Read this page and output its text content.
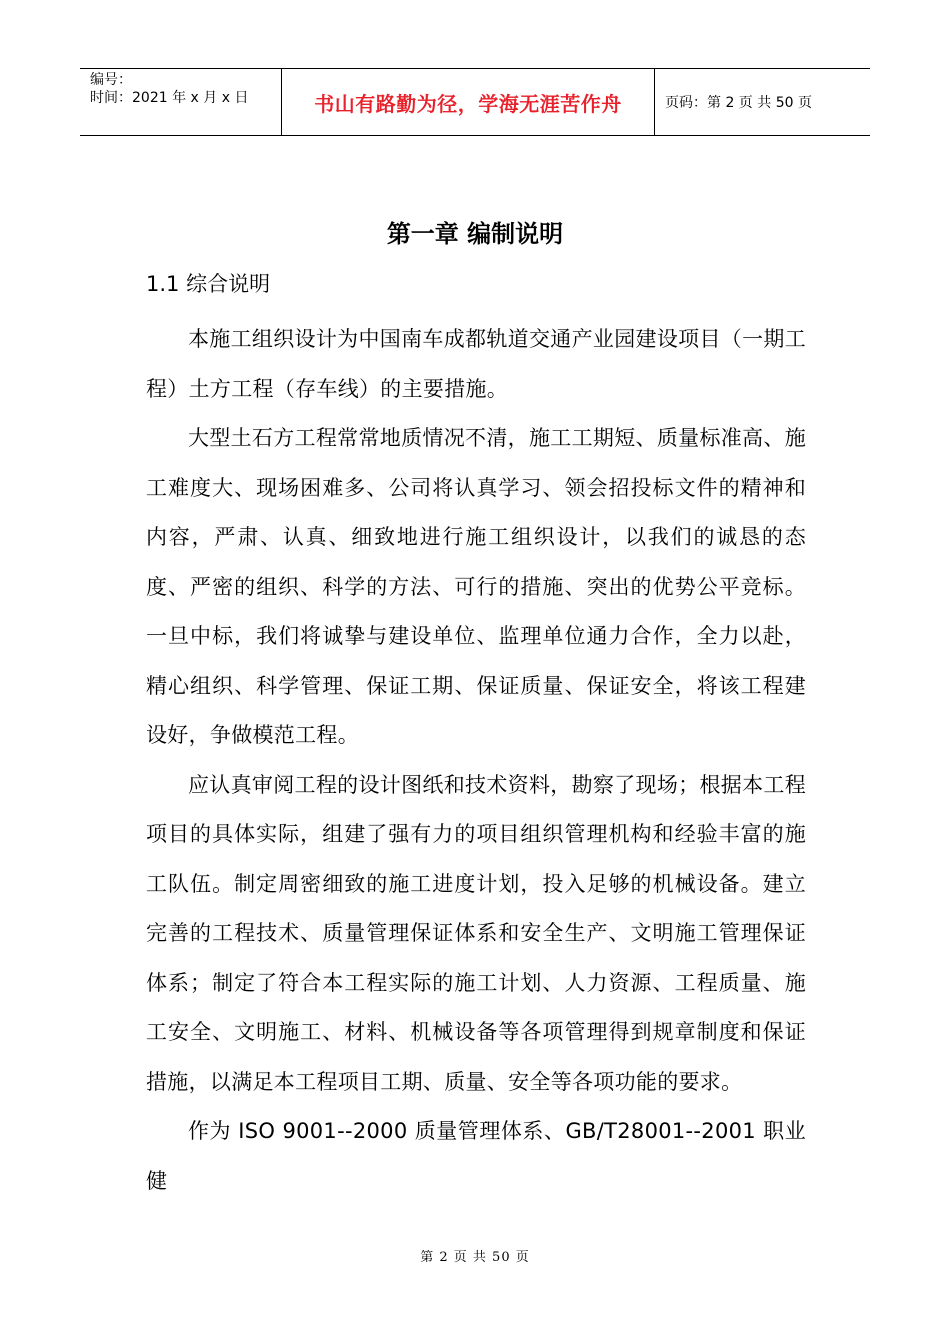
编号：
时间：2021 年 x 月 x 日	书山有路勤为径，学海无涯苦作舟	页码：第 2 页 共 50 页
第一章 编制说明
1.1 综合说明

本施工组织设计为中国南车成都轨道交通产业园建设项目（一期工程）土方工程（存车线）的主要措施。

大型土石方工程常常地质情况不清，施工工期短、质量标准高、施工难度大、现场困难多、公司将认真学习、领会招投标文件的精神和内容，严肃、认真、细致地进行施工组织设计，以我们的诚恳的态度、严密的组织、科学的方法、可行的措施、突出的优势公平竞标。一旦中标，我们将诚挚与建设单位、监理单位通力合作，全力以赴，精心组织、科学管理、保证工期、保证质量、保证安全，将该工程建设好，争做模范工程。

应认真审阅工程的设计图纸和技术资料，勘察了现场；根据本工程项目的具体实际，组建了强有力的项目组织管理机构和经验丰富的施工队伍。制定周密细致的施工进度计划，投入足够的机械设备。建立完善的工程技术、质量管理保证体系和安全生产、文明施工管理保证体系；制定了符合本工程实际的施工计划、人力资源、工程质量、施工安全、文明施工、材料、机械设备等各项管理得到规章制度和保证措施，以满足本工程项目工期、质量、安全等各项功能的要求。

作为 ISO 9001--2000 质量管理体系、GB/T28001--2001 职业健

第 2 页 共 50 页
